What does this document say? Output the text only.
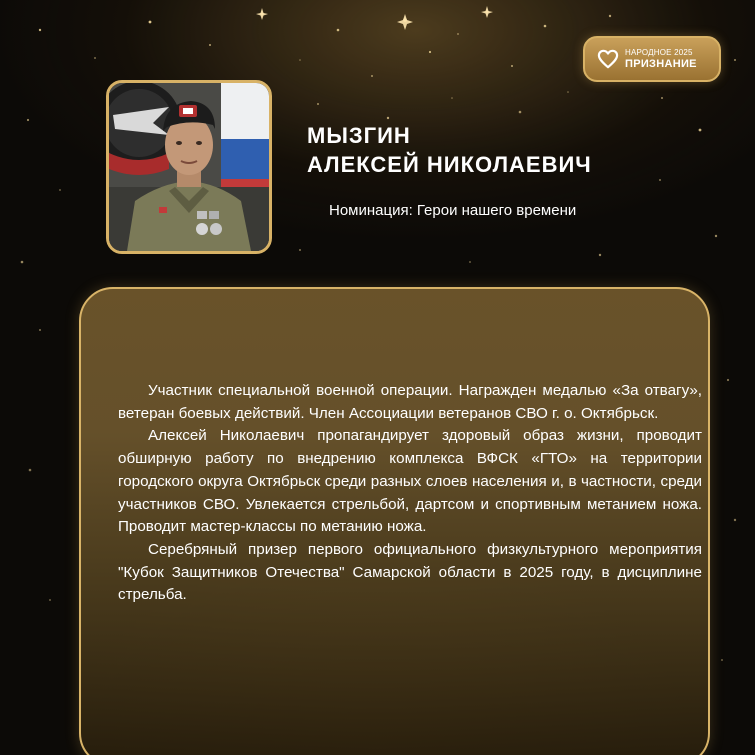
НАРОДНОЕ 2025
ПРИЗНАНИЕ
МЫЗГИН
АЛЕКСЕЙ НИКОЛАЕВИЧ
Номинация: Герои нашего времени

Участник специальной военной операции. Награжден медалью «За отвагу», ветеран боевых действий. Член Ассоциации ветеранов СВО г. о. Октябрьск.

Алексей Николаевич пропагандирует здоровый образ жизни, проводит обширную работу по внедрению комплекса ВФСК «ГТО» на территории городского округа Октябрьск среди разных слоев населения и, в частности, среди участников СВО. Увлекается стрельбой, дартсом и спортивным метанием ножа. Проводит мастер-классы по метанию ножа.

Серебряный призер первого официального физкультурного мероприятия "Кубок Защитников Отечества" Самарской области в 2025 году, в дисциплине стрельба.
